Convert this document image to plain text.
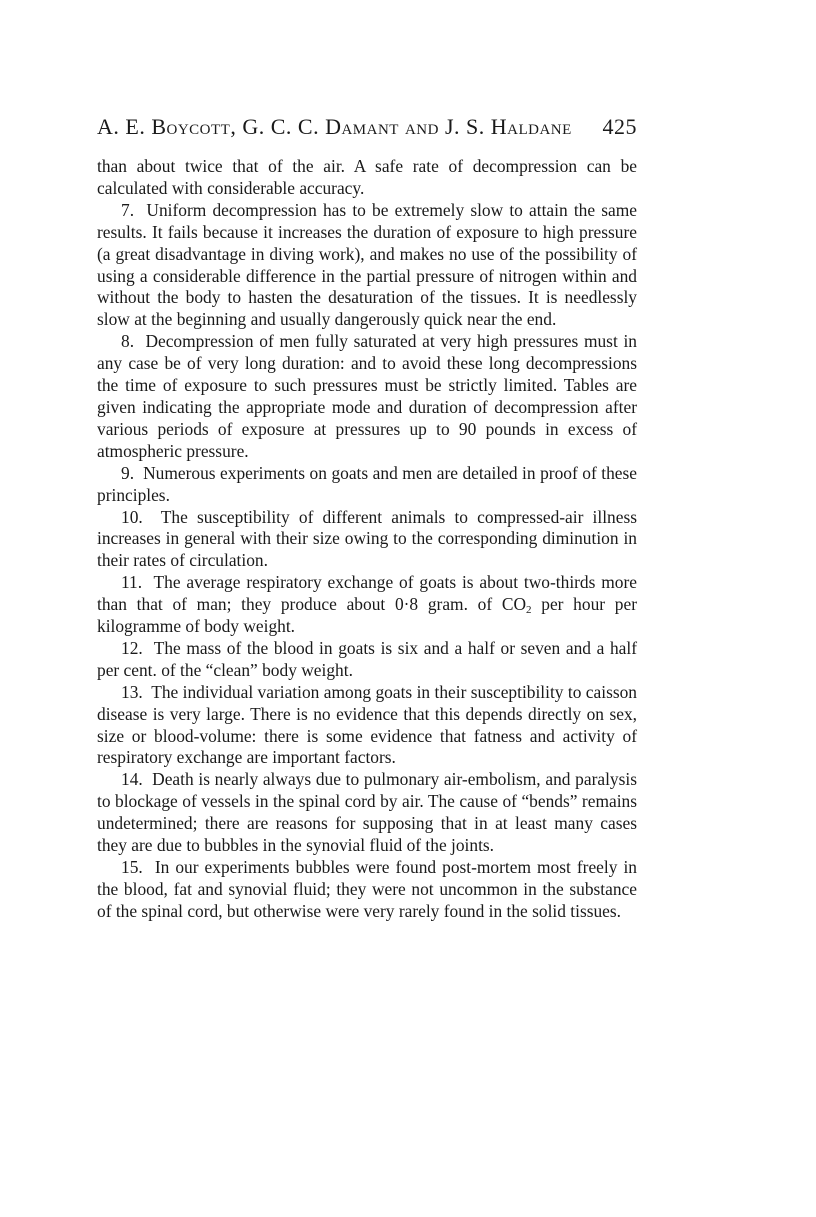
A. E. Boycott, G. C. C. Damant and J. S. Haldane 425

than about twice that of the air. A safe rate of decompression can be calculated with considerable accuracy.

7. Uniform decompression has to be extremely slow to attain the same results. It fails because it increases the duration of exposure to high pressure (a great disadvantage in diving work), and makes no use of the possibility of using a considerable difference in the partial pressure of nitrogen within and without the body to hasten the desaturation of the tissues. It is needlessly slow at the beginning and usually dangerously quick near the end.

8. Decompression of men fully saturated at very high pressures must in any case be of very long duration: and to avoid these long decompressions the time of exposure to such pressures must be strictly limited. Tables are given indicating the appropriate mode and duration of decompression after various periods of exposure at pressures up to 90 pounds in excess of atmospheric pressure.

9. Numerous experiments on goats and men are detailed in proof of these principles.

10. The susceptibility of different animals to compressed-air illness increases in general with their size owing to the corresponding diminution in their rates of circulation.

11. The average respiratory exchange of goats is about two-thirds more than that of man; they produce about 0·8 gram. of $CO_2$ per hour per kilogramme of body weight.

12. The mass of the blood in goats is six and a half or seven and a half per cent. of the “clean” body weight.

13. The individual variation among goats in their susceptibility to caisson disease is very large. There is no evidence that this depends directly on sex, size or blood-volume: there is some evidence that fatness and activity of respiratory exchange are important factors.

14. Death is nearly always due to pulmonary air-embolism, and paralysis to blockage of vessels in the spinal cord by air. The cause of “bends” remains undetermined; there are reasons for supposing that in at least many cases they are due to bubbles in the synovial fluid of the joints.

15. In our experiments bubbles were found post-mortem most freely in the blood, fat and synovial fluid; they were not uncommon in the substance of the spinal cord, but otherwise were very rarely found in the solid tissues.
